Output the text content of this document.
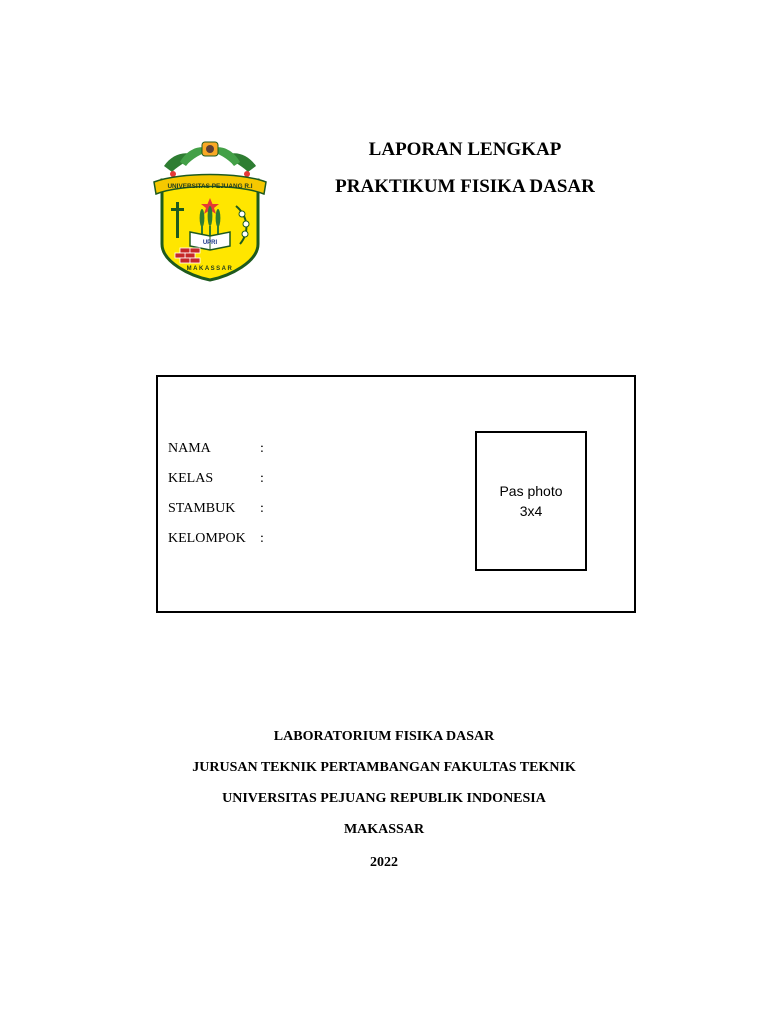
UNIVERSITAS PEJUANG R.I
UPRI
MAKASSAR
LAPORAN LENGKAP
PRAKTIKUM FISIKA DASAR
NAMA	:
KELAS	:
STAMBUK :
KELOMPOK :
Pas photo
3x4
LABORATORIUM FISIKA DASAR
JURUSAN TEKNIK PERTAMBANGAN FAKULTAS TEKNIK
UNIVERSITAS PEJUANG REPUBLIK INDONESIA
MAKASSAR
2022
